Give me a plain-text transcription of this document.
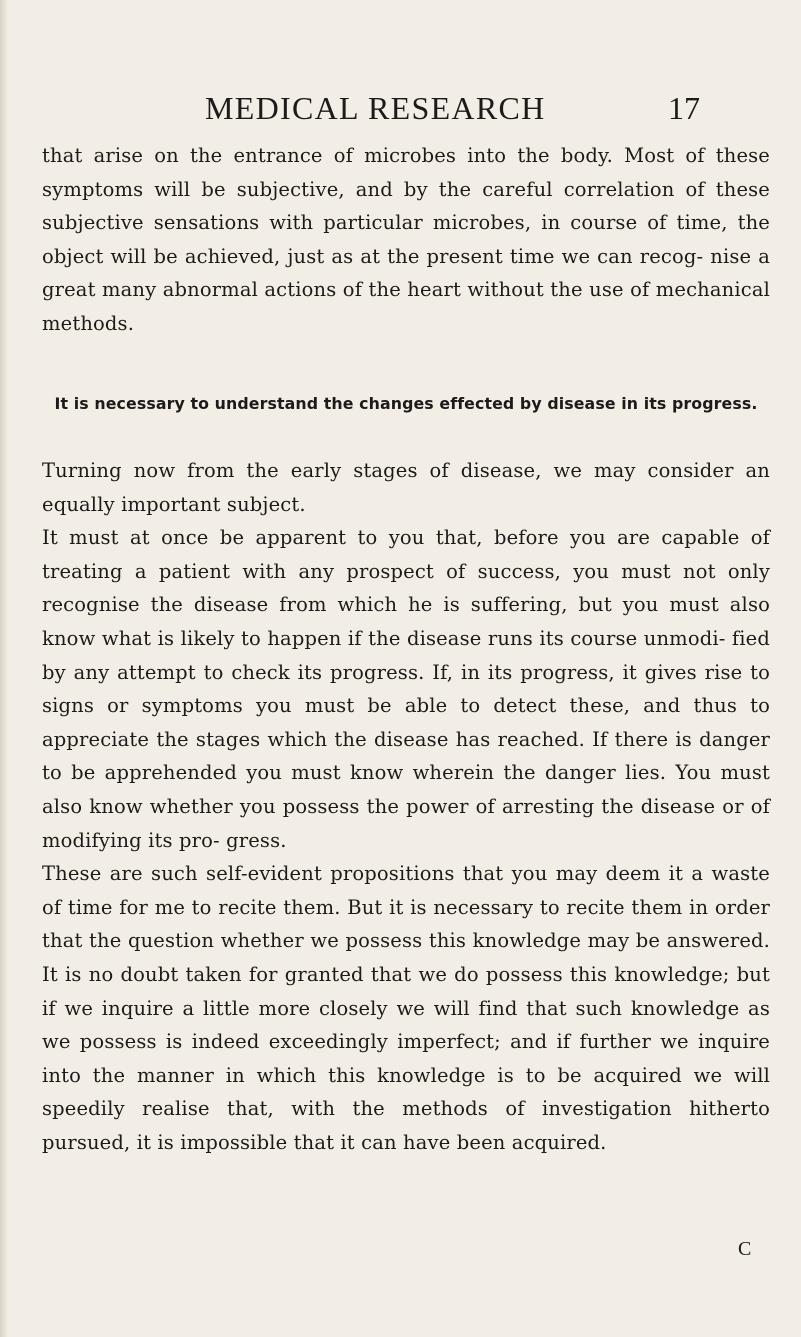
MEDICAL RESEARCH	17

that arise on the entrance of microbes into the body. Most of these symptoms will be subjective, and by the careful correlation of these subjective sensations with particular microbes, in course of time, the object will be achieved, just as at the present time we can recog- nise a great many abnormal actions of the heart without the use of mechanical methods.

It is necessary to understand the changes effected by disease in its progress.

Turning now from the early stages of disease, we may consider an equally important subject.

It must at once be apparent to you that, before you are capable of treating a patient with any prospect of success, you must not only recognise the disease from which he is suffering, but you must also know what is likely to happen if the disease runs its course unmodi- fied by any attempt to check its progress. If, in its progress, it gives rise to signs or symptoms you must be able to detect these, and thus to appreciate the stages which the disease has reached. If there is danger to be apprehended you must know wherein the danger lies. You must also know whether you possess the power of arresting the disease or of modifying its pro- gress.

These are such self-evident propositions that you may deem it a waste of time for me to recite them. But it is necessary to recite them in order that the question whether we possess this knowledge may be answered. It is no doubt taken for granted that we do possess this knowledge; but if we inquire a little more closely we will find that such knowledge as we possess is indeed exceedingly imperfect; and if further we inquire into the manner in which this knowledge is to be acquired we will speedily realise that, with the methods of investigation hitherto pursued, it is impossible that it can have been acquired.

C
